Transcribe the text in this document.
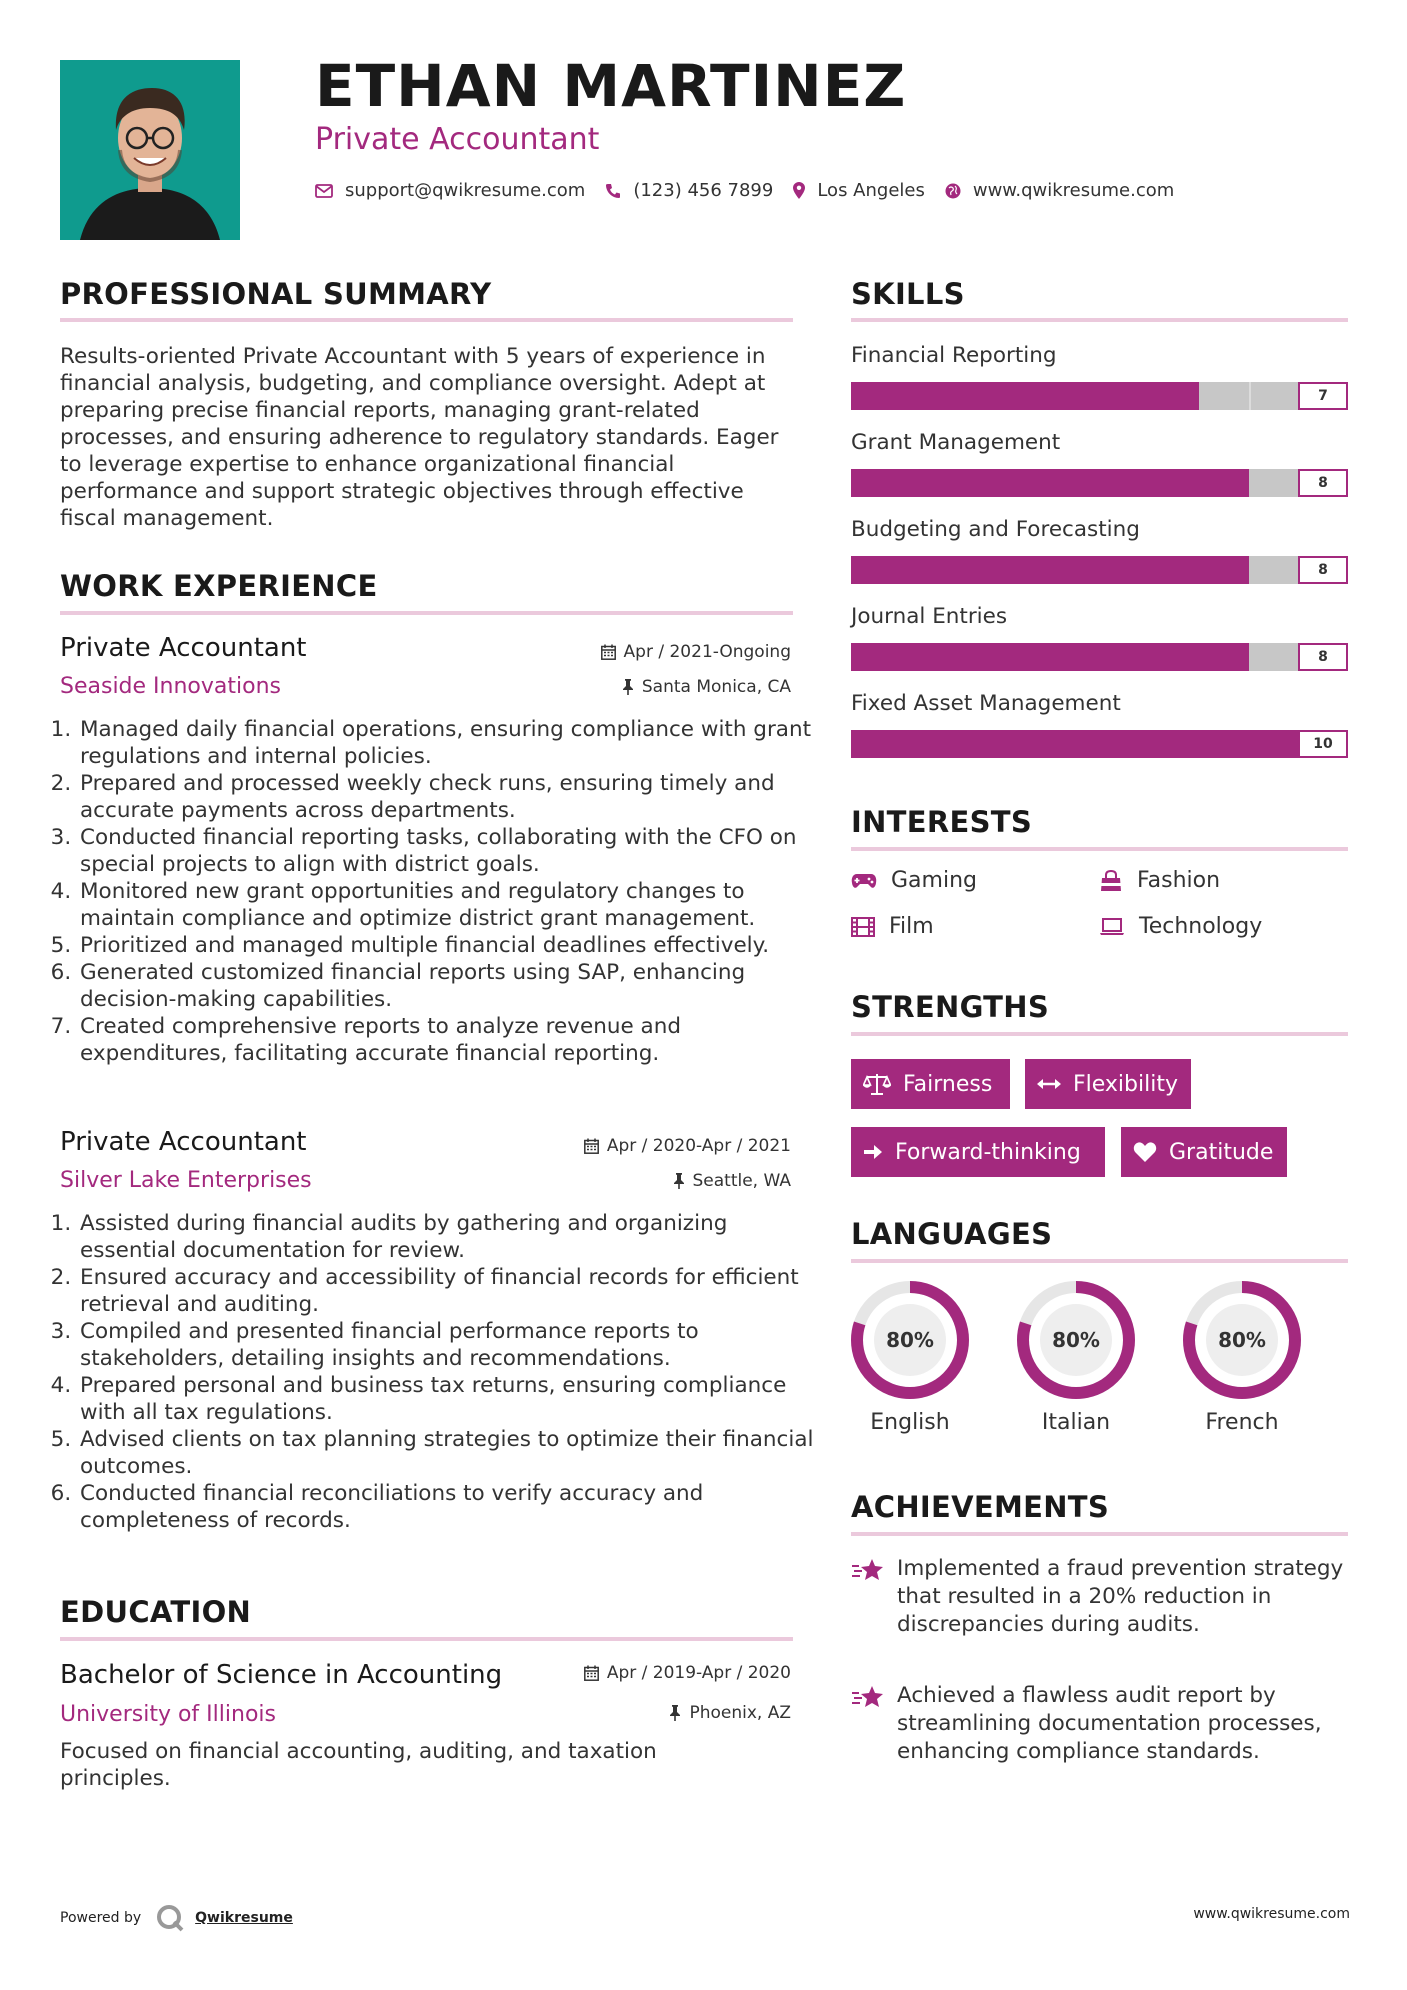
ETHAN MARTINEZ
Private Accountant
support@qwikresume.com	(123) 456 7899 Los Angeles	www.qwikresume.com
PROFESSIONAL SUMMARY
Results-oriented Private Accountant with 5 years of experience in financial analysis, budgeting, and compliance oversight. Adept at preparing precise financial reports, managing grant-related processes, and ensuring adherence to regulatory standards. Eager to leverage expertise to enhance organizational financial performance and support strategic objectives through effective fiscal management.
WORK EXPERIENCE
Private Accountant	Apr / 2021-Ongoing
Seaside Innovations	Santa Monica, CA
1. Managed daily financial operations, ensuring compliance with grant regulations and internal policies.
2. Prepared and processed weekly check runs, ensuring timely and accurate payments across departments.
3. Conducted financial reporting tasks, collaborating with the CFO on special projects to align with district goals.
4. Monitored new grant opportunities and regulatory changes to maintain compliance and optimize district grant management.
5. Prioritized and managed multiple financial deadlines effectively.
6. Generated customized financial reports using SAP, enhancing decision-making capabilities.
7. Created comprehensive reports to analyze revenue and expenditures, facilitating accurate financial reporting.
Private Accountant	Apr / 2020-Apr / 2021
Silver Lake Enterprises	Seattle, WA
1. Assisted during financial audits by gathering and organizing essential documentation for review.
2. Ensured accuracy and accessibility of financial records for efficient retrieval and auditing.
3. Compiled and presented financial performance reports to stakeholders, detailing insights and recommendations.
4. Prepared personal and business tax returns, ensuring compliance with all tax regulations.
5. Advised clients on tax planning strategies to optimize their financial outcomes.
6. Conducted financial reconciliations to verify accuracy and completeness of records.
EDUCATION
Bachelor of Science in Accounting	Apr / 2019-Apr / 2020
University of Illinois	Phoenix, AZ
Focused on financial accounting, auditing, and taxation principles.
SKILLS
Financial Reporting
7
Grant Management
8
Budgeting and Forecasting
8
Journal Entries
8
Fixed Asset Management
10
INTERESTS
Gaming	Fashion
Film	Technology
STRENGTHS
Fairness	Flexibility
Forward-thinking	Gratitude
LANGUAGES
80%
English
80%
Italian
80%
French
ACHIEVEMENTS
Implemented a fraud prevention strategy that resulted in a 20% reduction in discrepancies during audits.
Achieved a flawless audit report by streamlining documentation processes, enhancing compliance standards.
Powered by	Qwikresume	www.qwikresume.com
